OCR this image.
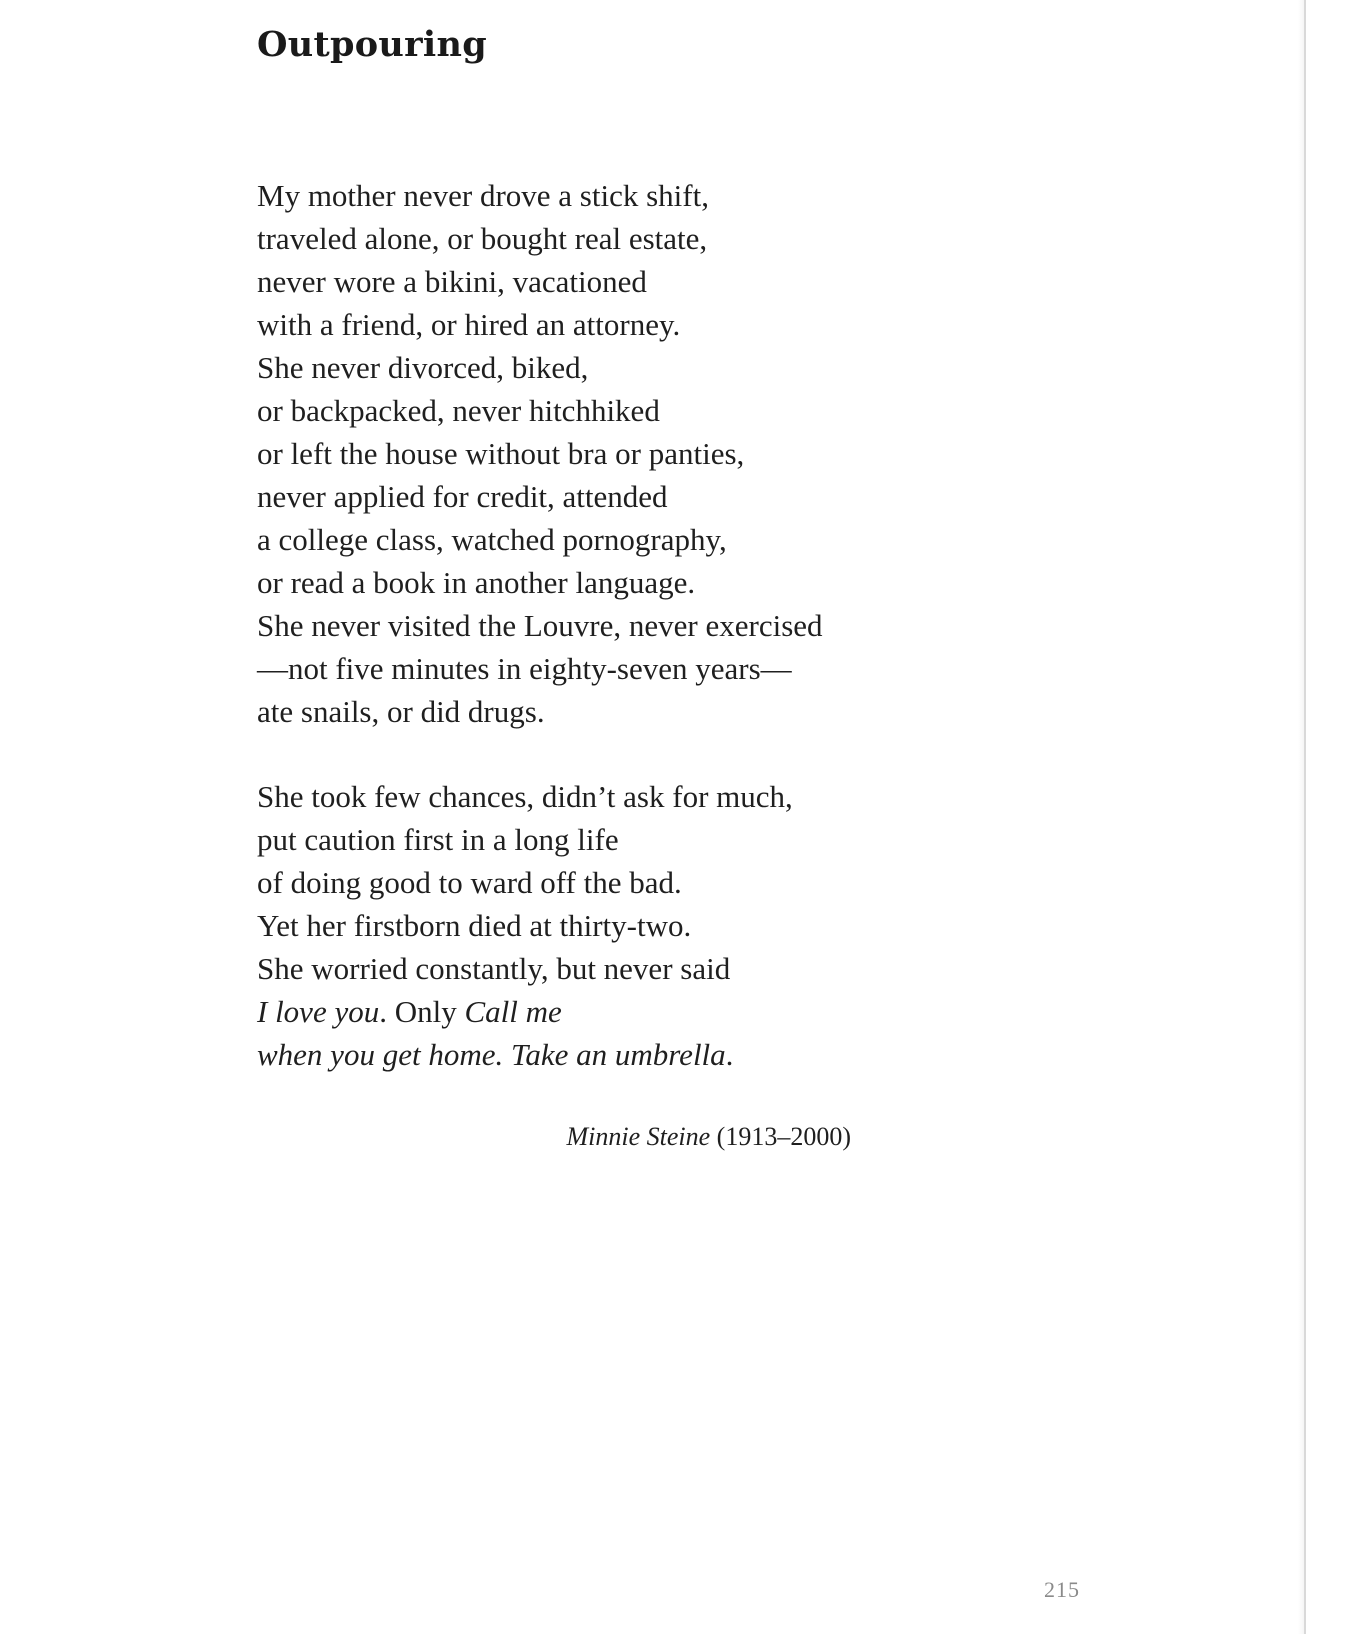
Outpouring
My mother never drove a stick shift,
traveled alone, or bought real estate,
never wore a bikini, vacationed
with a friend, or hired an attorney.
She never divorced, biked,
or backpacked, never hitchhiked
or left the house without bra or panties,
never applied for credit, attended
a college class, watched pornography,
or read a book in another language.
She never visited the Louvre, never exercised
—not five minutes in eighty-seven years—
ate snails, or did drugs.
She took few chances, didn’t ask for much,
put caution first in a long life
of doing good to ward off the bad.
Yet her firstborn died at thirty-two.
She worried constantly, but never said
I love you. Only Call me
when you get home. Take an umbrella.
Minnie Steine (1913–2000)
215
